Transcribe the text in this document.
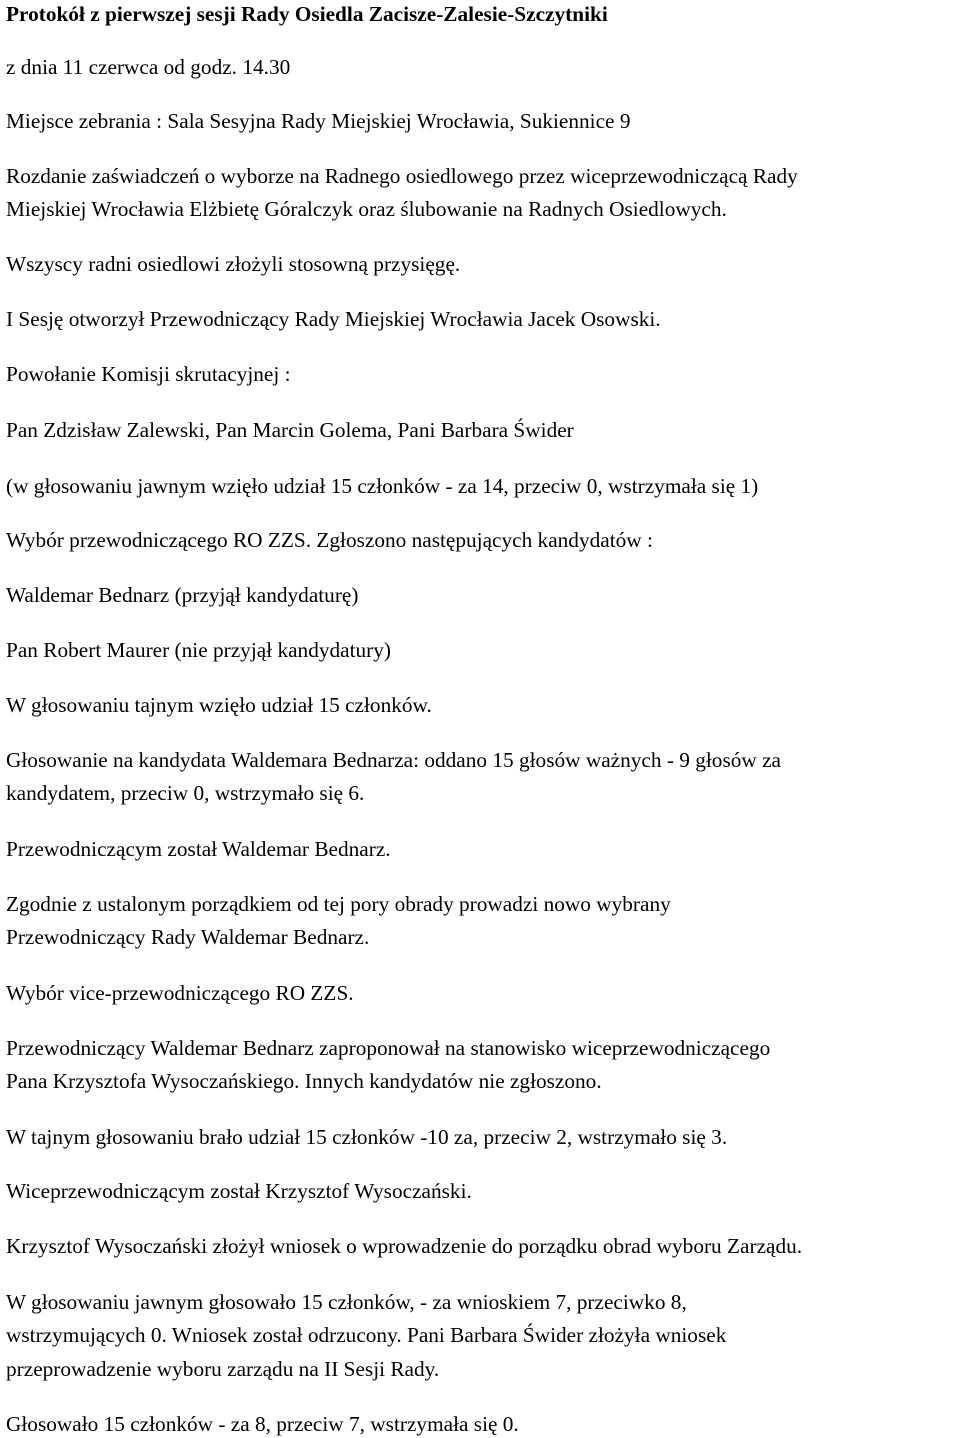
Protokół z pierwszej sesji Rady Osiedla Zacisze-Zalesie-Szczytniki
z dnia 11 czerwca od godz. 14.30
Miejsce zebrania : Sala Sesyjna Rady Miejskiej Wrocławia, Sukiennice 9
Rozdanie zaświadczeń o wyborze na Radnego osiedlowego przez wiceprzewodniczącą Rady
Miejskiej Wrocławia Elżbietę Góralczyk oraz ślubowanie na Radnych Osiedlowych.
Wszyscy radni osiedlowi złożyli stosowną przysięgę.
I Sesję otworzył Przewodniczący Rady Miejskiej Wrocławia Jacek Osowski.
Powołanie Komisji skrutacyjnej :
Pan Zdzisław Zalewski, Pan Marcin Golema, Pani Barbara Świder
(w głosowaniu jawnym wzięło udział 15 członków - za 14, przeciw 0, wstrzymała się 1)
Wybór przewodniczącego RO ZZS. Zgłoszono następujących kandydatów :
Waldemar Bednarz (przyjął kandydaturę)
Pan Robert Maurer (nie przyjął kandydatury)
W głosowaniu tajnym wzięło udział 15 członków.
Głosowanie na kandydata Waldemara Bednarza: oddano 15 głosów ważnych - 9 głosów za
kandydatem, przeciw 0, wstrzymało się 6.
Przewodniczącym został Waldemar Bednarz.
Zgodnie z ustalonym porządkiem od tej pory obrady prowadzi nowo wybrany
Przewodniczący Rady Waldemar Bednarz.
Wybór vice-przewodniczącego RO ZZS.
Przewodniczący Waldemar Bednarz zaproponował na stanowisko wiceprzewodniczącego
Pana Krzysztofa Wysoczańskiego. Innych kandydatów nie zgłoszono.
W tajnym głosowaniu brało udział 15 członków -10 za, przeciw 2, wstrzymało się 3.
Wiceprzewodniczącym został Krzysztof Wysoczański.
Krzysztof Wysoczański złożył wniosek o wprowadzenie do porządku obrad wyboru Zarządu.
W głosowaniu jawnym głosowało 15 członków, - za wnioskiem 7, przeciwko 8,
wstrzymujących 0. Wniosek został odrzucony. Pani Barbara Świder złożyła wniosek
przeprowadzenie wyboru zarządu na II Sesji Rady.
Głosowało 15 członków - za 8, przeciw 7, wstrzymała się 0.
